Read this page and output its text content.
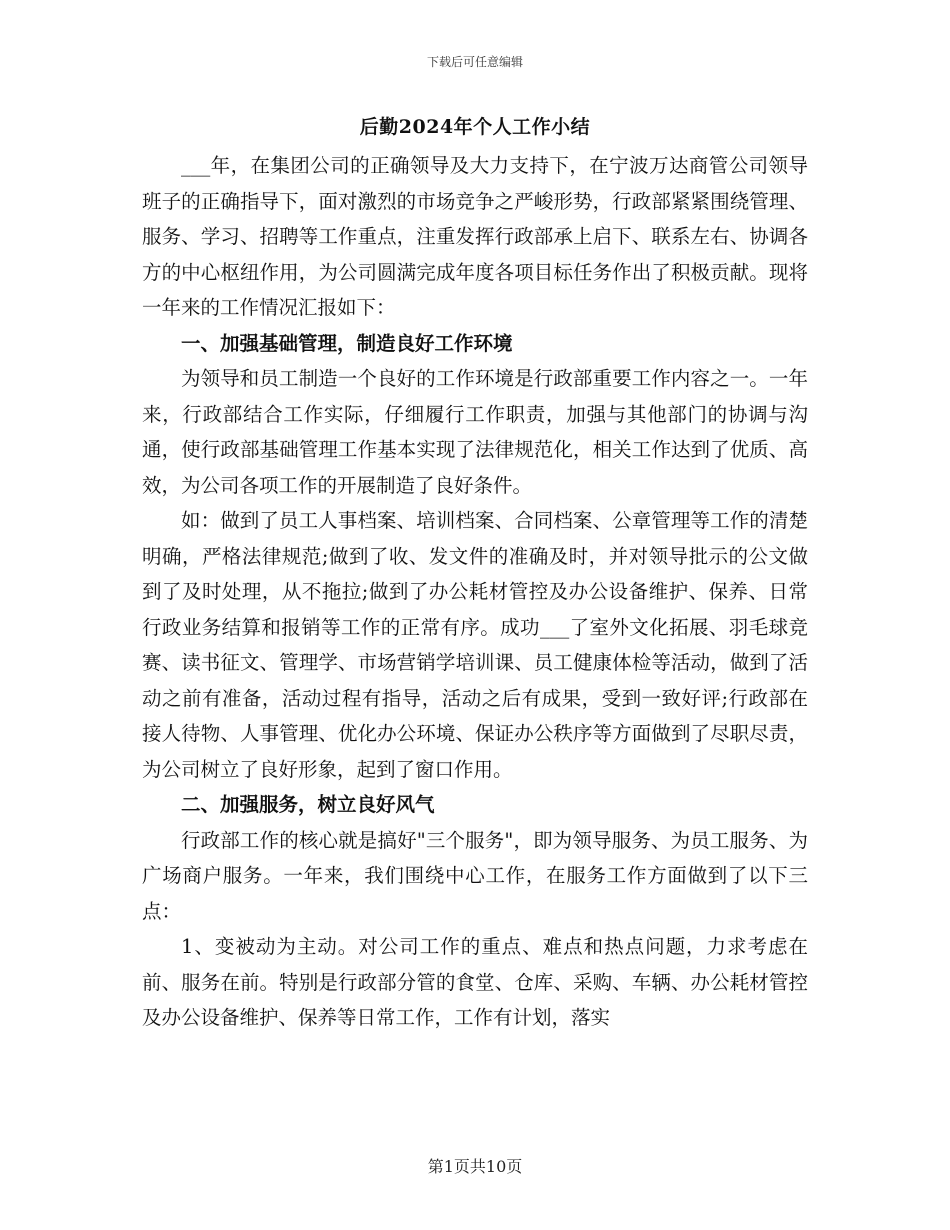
下载后可任意编辑
后勤2024年个人工作小结

___年，在集团公司的正确领导及大力支持下，在宁波万达商管公司领导班子的正确指导下，面对激烈的市场竞争之严峻形势，行政部紧紧围绕管理、服务、学习、招聘等工作重点，注重发挥行政部承上启下、联系左右、协调各方的中心枢纽作用，为公司圆满完成年度各项目标任务作出了积极贡献。现将一年来的工作情况汇报如下：

一、加强基础管理，制造良好工作环境

为领导和员工制造一个良好的工作环境是行政部重要工作内容之一。一年来，行政部结合工作实际，仔细履行工作职责，加强与其他部门的协调与沟通，使行政部基础管理工作基本实现了法律规范化，相关工作达到了优质、高效，为公司各项工作的开展制造了良好条件。

如：做到了员工人事档案、培训档案、合同档案、公章管理等工作的清楚明确，严格法律规范;做到了收、发文件的准确及时，并对领导批示的公文做到了及时处理，从不拖拉;做到了办公耗材管控及办公设备维护、保养、日常行政业务结算和报销等工作的正常有序。成功___了室外文化拓展、羽毛球竞赛、读书征文、管理学、市场营销学培训课、员工健康体检等活动，做到了活动之前有准备，活动过程有指导，活动之后有成果，受到一致好评;行政部在接人待物、人事管理、优化办公环境、保证办公秩序等方面做到了尽职尽责，为公司树立了良好形象，起到了窗口作用。

二、加强服务，树立良好风气

行政部工作的核心就是搞好"三个服务"，即为领导服务、为员工服务、为广场商户服务。一年来，我们围绕中心工作，在服务工作方面做到了以下三点：

1、变被动为主动。对公司工作的重点、难点和热点问题，力求考虑在前、服务在前。特别是行政部分管的食堂、仓库、采购、车辆、办公耗材管控及办公设备维护、保养等日常工作，工作有计划，落实

第1页共10页
